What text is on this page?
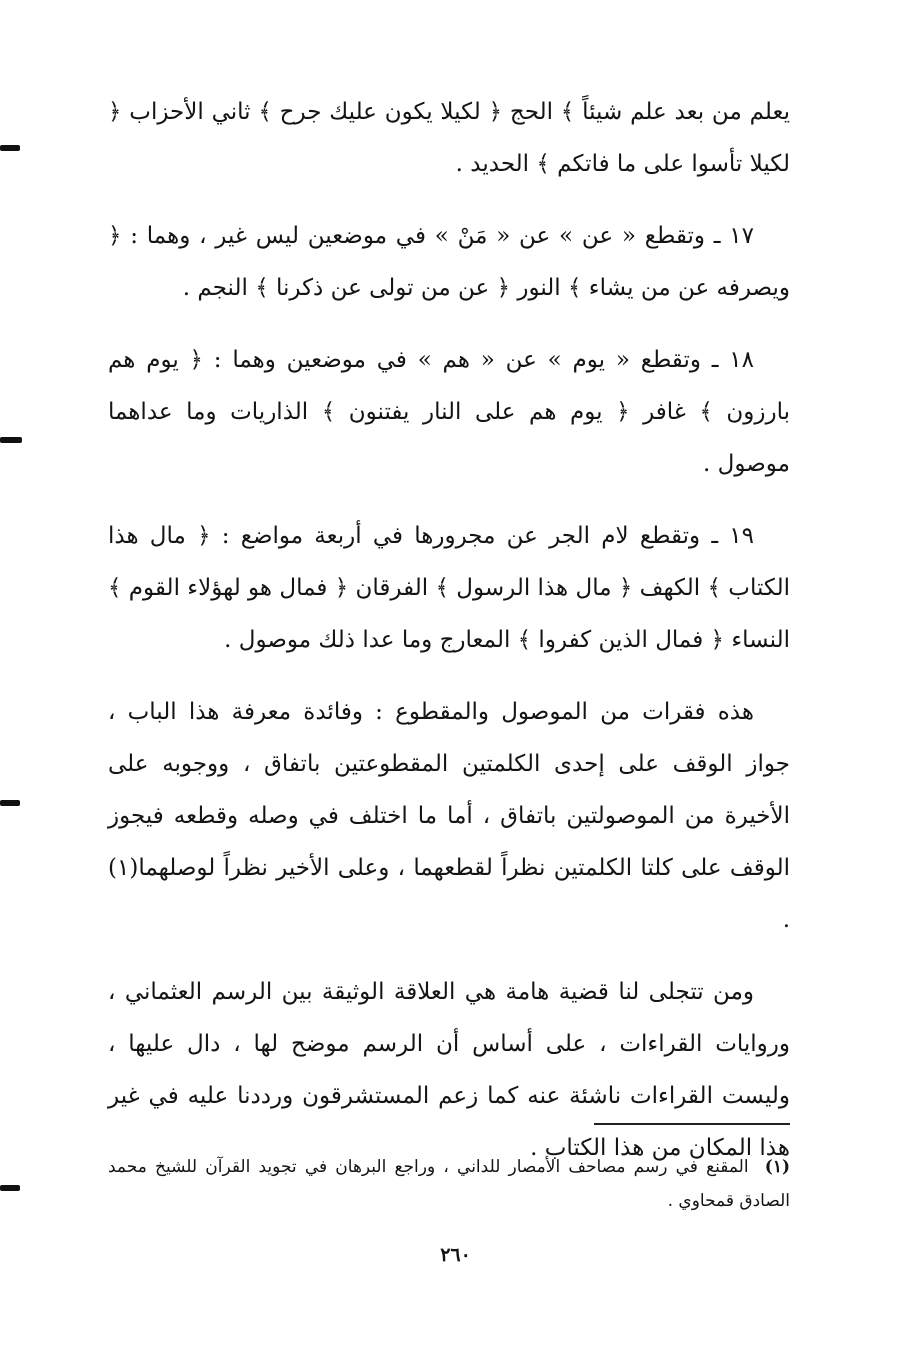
يعلم من بعد علم شيئاً ﴾ الحج ﴿ لكيلا يكون عليك جرح ﴾ ثاني الأحزاب ﴿ لكيلا تأسوا على ما فاتكم ﴾ الحديد .

١٧ ـ وتقطع « عن » عن « مَنْ » في موضعين ليس غير ، وهما : ﴿ ويصرفه عن من يشاء ﴾ النور ﴿ عن من تولى عن ذكرنا ﴾ النجم .

١٨ ـ وتقطع « يوم » عن « هم » في موضعين وهما : ﴿ يوم هم بارزون ﴾ غافر ﴿ يوم هم على النار يفتنون ﴾ الذاريات وما عداهما موصول .

١٩ ـ وتقطع لام الجر عن مجرورها في أربعة مواضع : ﴿ مال هذا الكتاب ﴾ الكهف ﴿ مال هذا الرسول ﴾ الفرقان ﴿ فمال هو لهؤلاء القوم ﴾ النساء ﴿ فمال الذين كفروا ﴾ المعارج وما عدا ذلك موصول .

هذه فقرات من الموصول والمقطوع : وفائدة معرفة هذا الباب ، جواز الوقف على إحدى الكلمتين المقطوعتين باتفاق ، ووجوبه على الأخيرة من الموصولتين باتفاق ، أما ما اختلف في وصله وقطعه فيجوز الوقف على كلتا الكلمتين نظراً لقطعهما ، وعلى الأخير نظراً لوصلهما(١) .

ومن تتجلى لنا قضية هامة هي العلاقة الوثيقة بين الرسم العثماني ، وروايات القراءات ، على أساس أن الرسم موضح لها ، دال عليها ، وليست القراءات ناشئة عنه كما زعم المستشرقون ورددنا عليه في غير هذا المكان من هذا الكتاب .

(١) المقنع في رسم مصاحف الأمصار للداني ، وراجع البرهان في تجويد القرآن للشيخ محمد الصادق قمحاوي .
٢٦٠
